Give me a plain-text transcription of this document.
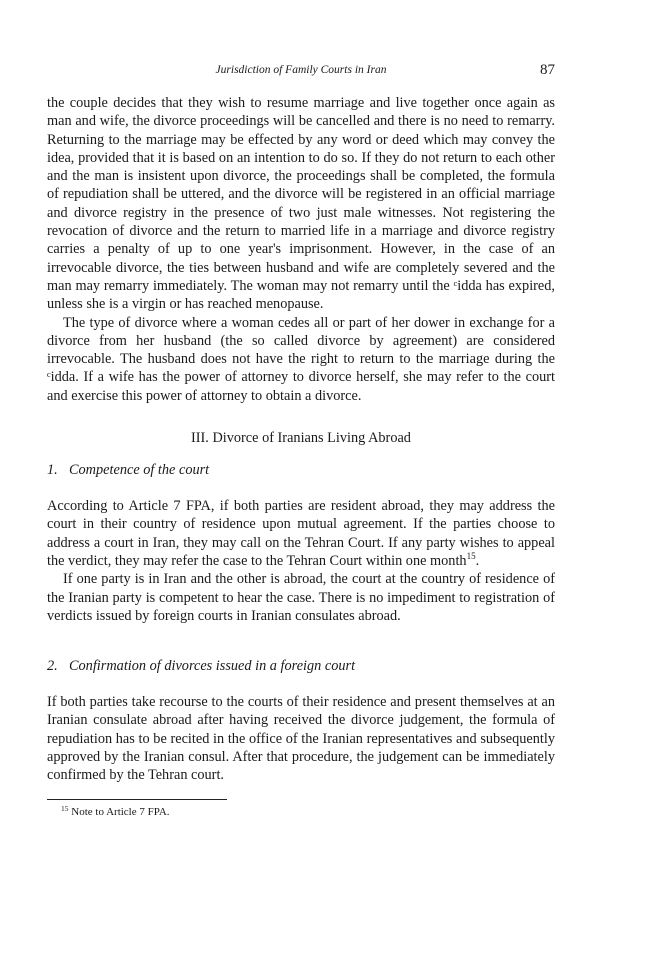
Jurisdiction of Family Courts in Iran	87

the couple decides that they wish to resume marriage and live together once again as man and wife, the divorce proceedings will be cancelled and there is no need to remarry. Returning to the marriage may be effected by any word or deed which may convey the idea, provided that it is based on an intention to do so. If they do not return to each other and the man is insistent upon divorce, the proceedings shall be completed, the formula of repudiation shall be uttered, and the divorce will be registered in an official marriage and divorce registry in the presence of two just male witnesses. Not registering the revocation of divorce and the return to married life in a marriage and divorce registry carries a penalty of up to one year's imprisonment. However, in the case of an irrevocable divorce, the ties between husband and wife are completely severed and the man may remarry immediately. The woman may not remarry until the ᶜidda has expired, unless she is a virgin or has reached menopause.

The type of divorce where a woman cedes all or part of her dower in exchange for a divorce from her husband (the so called divorce by agreement) are considered irrevocable. The husband does not have the right to return to the marriage during the ᶜidda. If a wife has the power of attorney to divorce herself, she may refer to the court and exercise this power of attorney to obtain a divorce.

III. Divorce of Iranians Living Abroad
1. Competence of the court

According to Article 7 FPA, if both parties are resident abroad, they may address the court in their country of residence upon mutual agreement. If the parties choose to address a court in Iran, they may call on the Tehran Court. If any party wishes to appeal the verdict, they may refer the case to the Tehran Court within one month$^{15}$.

If one party is in Iran and the other is abroad, the court at the country of residence of the Iranian party is competent to hear the case. There is no impediment to registration of verdicts issued by foreign courts in Iranian consulates abroad.

2. Confirmation of divorces issued in a foreign court

If both parties take recourse to the courts of their residence and present themselves at an Iranian consulate abroad after having received the divorce judgement, the formula of repudiation has to be recited in the office of the Iranian representatives and subsequently approved by the Iranian consul. After that procedure, the judgement can be immediately confirmed by the Tehran court.

$^{15}$ Note to Article 7 FPA.
